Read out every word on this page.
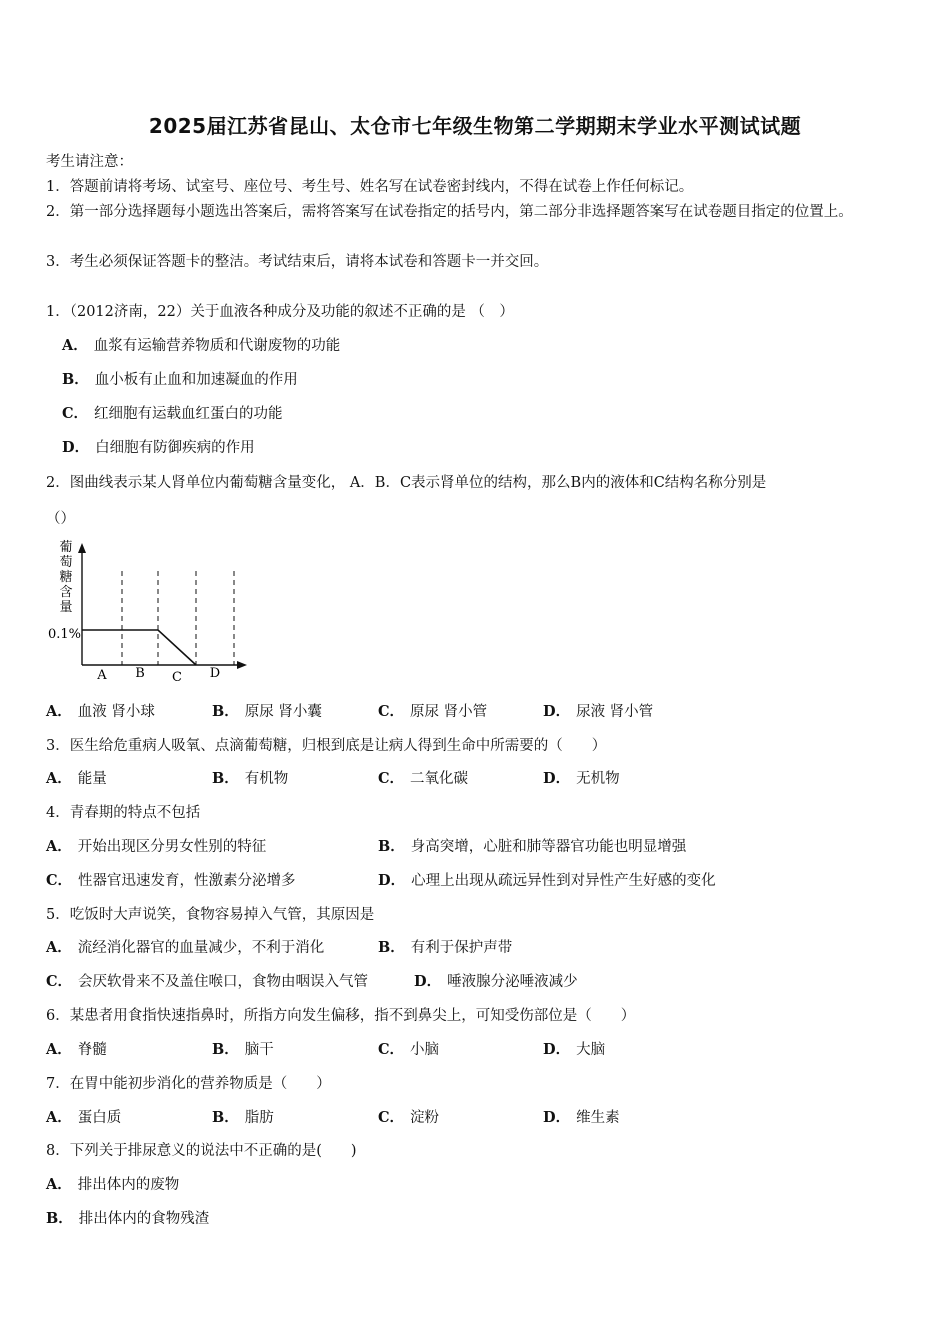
2025届江苏省昆山、太仓市七年级生物第二学期期末学业水平测试试题
考生请注意：
1．答题前请将考场、试室号、座位号、考生号、姓名写在试卷密封线内，不得在试卷上作任何标记。
2．第一部分选择题每小题选出答案后，需将答案写在试卷指定的括号内，第二部分非选择题答案写在试卷题目指定的位置上。
3．考生必须保证答题卡的整洁。考试结束后，请将本试卷和答题卡一并交回。
1．（2012济南，22）关于血液各种成分及功能的叙述不正确的是 （　）
A． 血浆有运输营养物质和代谢废物的功能
B． 血小板有止血和加速凝血的作用
C． 红细胞有运载血红蛋白的功能
D． 白细胞有防御疾病的作用
2．图曲线表示某人肾单位内葡萄糖含量变化， A．B．C表示肾单位的结构，那么B内的液体和C结构名称分别是
（）
葡
萄
糖
含
量
0.1%
A B C D
A． 血液 肾小球	B． 原尿 肾小囊	C． 原尿 肾小管	D． 尿液 肾小管
3．医生给危重病人吸氧、点滴葡萄糖，归根到底是让病人得到生命中所需要的（　　）
A． 能量	B． 有机物	C． 二氧化碳	D． 无机物
4．青春期的特点不包括
A． 开始出现区分男女性别的特征	B． 身高突增，心脏和肺等器官功能也明显增强
C． 性器官迅速发育，性激素分泌增多	D． 心理上出现从疏远异性到对异性产生好感的变化
5．吃饭时大声说笑，食物容易掉入气管，其原因是
A． 流经消化器官的血量减少，不利于消化	B． 有利于保护声带
C． 会厌软骨来不及盖住喉口，食物由咽误入气管	D． 唾液腺分泌唾液减少
6．某患者用食指快速指鼻时，所指方向发生偏移，指不到鼻尖上，可知受伤部位是（　　）
A． 脊髓	B． 脑干	C． 小脑	D． 大脑
7．在胃中能初步消化的营养物质是（　　）
A． 蛋白质	B． 脂肪	C． 淀粉	D． 维生素
8．下列关于排尿意义的说法中不正确的是(　　)
A． 排出体内的废物
B． 排出体内的食物残渣
